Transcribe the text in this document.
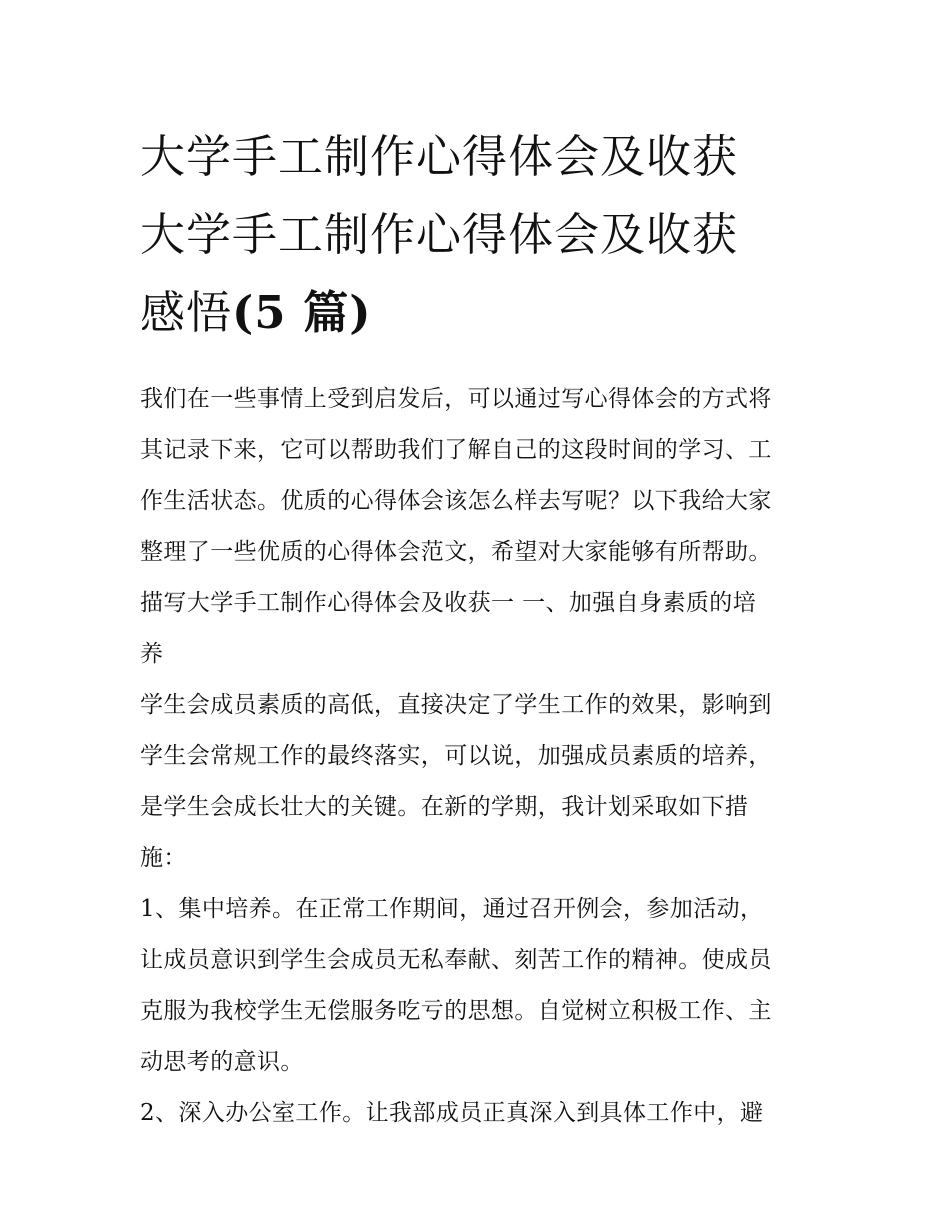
大学手工制作心得体会及收获
大学手工制作心得体会及收获
感悟(5 篇)
我们在一些事情上受到启发后，可以通过写心得体会的方式将
其记录下来，它可以帮助我们了解自己的这段时间的学习、工
作生活状态。优质的心得体会该怎么样去写呢？以下我给大家
整理了一些优质的心得体会范文，希望对大家能够有所帮助。
描写大学手工制作心得体会及收获一 一、加强自身素质的培
养
学生会成员素质的高低，直接决定了学生工作的效果，影响到
学生会常规工作的最终落实，可以说，加强成员素质的培养，
是学生会成长壮大的关键。在新的学期，我计划采取如下措
施：
1、集中培养。在正常工作期间，通过召开例会，参加活动，
让成员意识到学生会成员无私奉献、刻苦工作的精神。使成员
克服为我校学生无偿服务吃亏的思想。自觉树立积极工作、主
动思考的意识。
2、深入办公室工作。让我部成员正真深入到具体工作中，避
